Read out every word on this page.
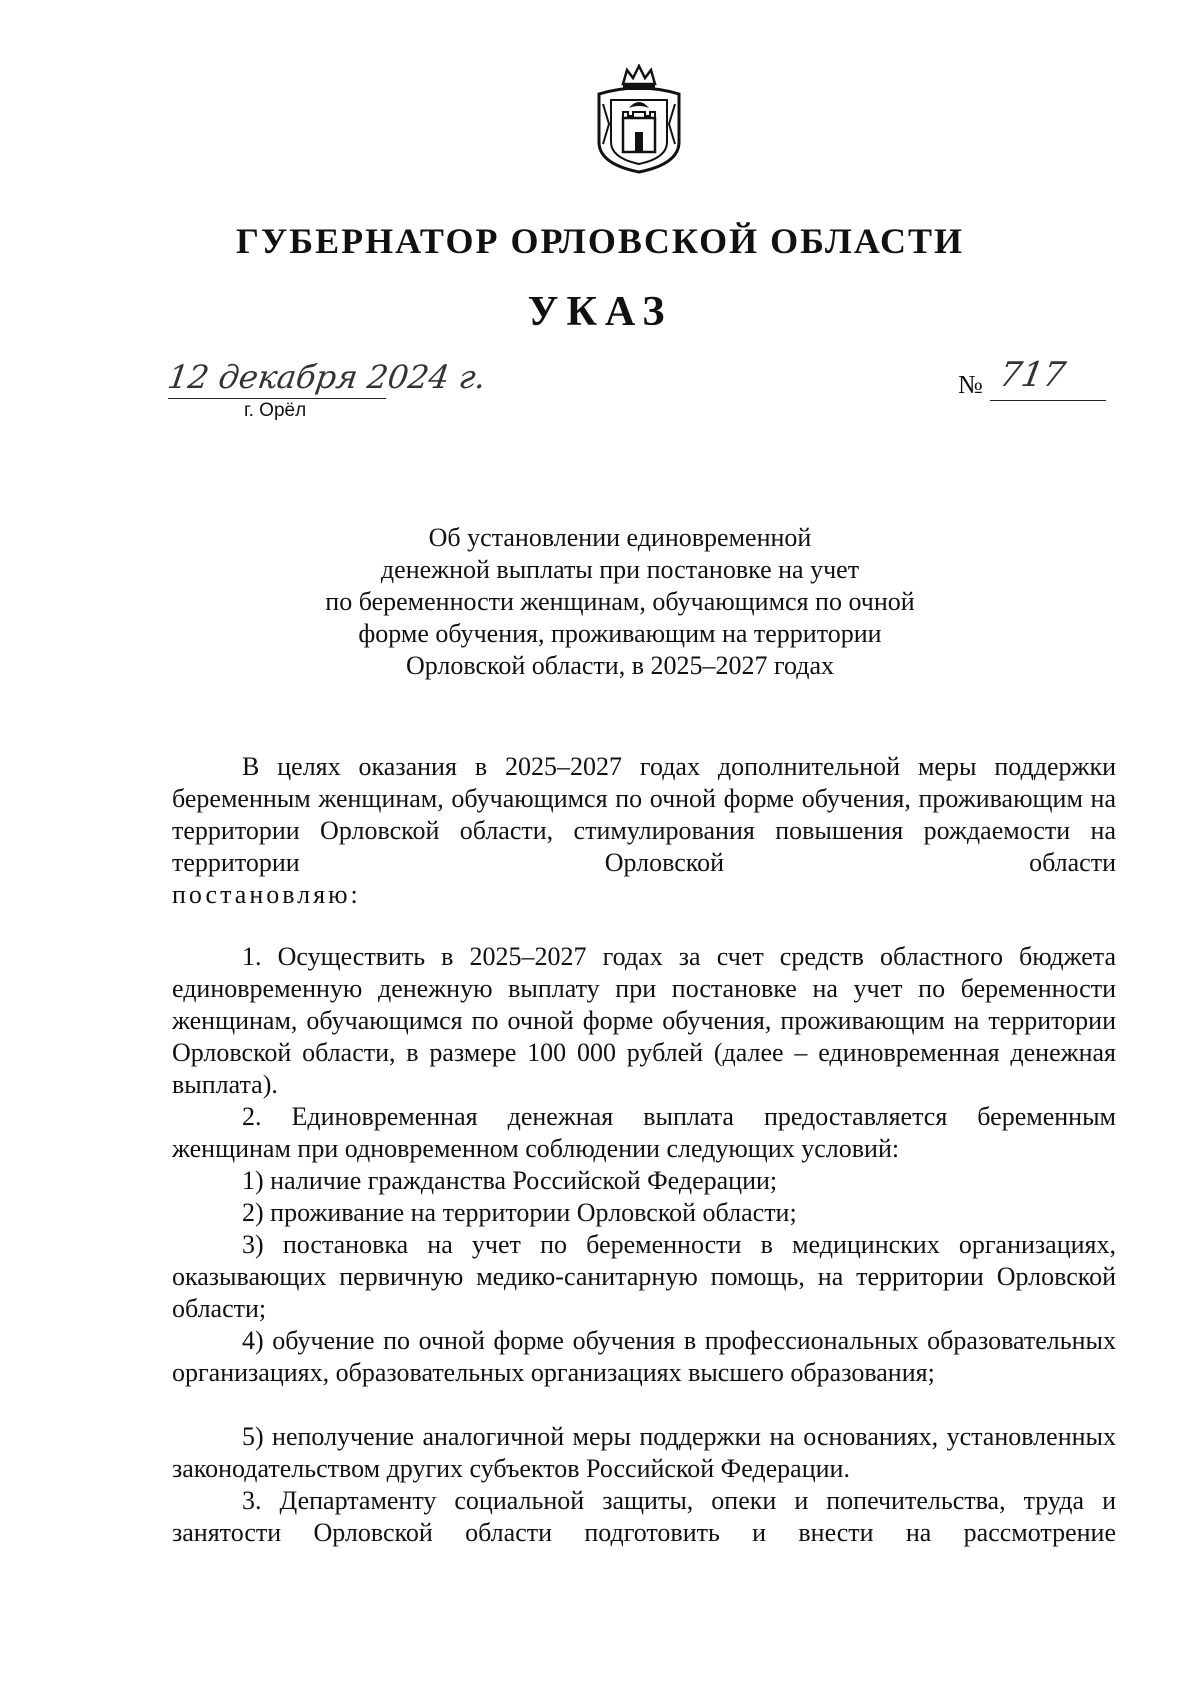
ГУБЕРНАТОР ОРЛОВСКОЙ ОБЛАСТИ
УКАЗ
12 декабря 2024 г.
г. Орёл
№ 717
Об установлении единовременной
денежной выплаты при постановке на учет
по беременности женщинам, обучающимся по очной
форме обучения, проживающим на территории
Орловской области, в 2025–2027 годах
В целях оказания в 2025–2027 годах дополнительной меры поддержки беременным женщинам, обучающимся по очной форме обучения, проживающим на территории Орловской области, стимулирования повышения рождаемости на территории Орловской области
постановляю:
1. Осуществить в 2025–2027 годах за счет средств областного бюджета единовременную денежную выплату при постановке на учет по беременности женщинам, обучающимся по очной форме обучения, проживающим на территории Орловской области, в размере 100 000 рублей (далее – единовременная денежная выплата).
2. Единовременная денежная выплата предоставляется беременным женщинам при одновременном соблюдении следующих условий:
1) наличие гражданства Российской Федерации;
2) проживание на территории Орловской области;
3) постановка на учет по беременности в медицинских организациях, оказывающих первичную медико-санитарную помощь, на территории Орловской области;
4) обучение по очной форме обучения в профессиональных образовательных организациях, образовательных организациях высшего образования;
5) неполучение аналогичной меры поддержки на основаниях, установленных законодательством других субъектов Российской Федерации.
3. Департаменту социальной защиты, опеки и попечительства, труда и занятости Орловской области подготовить и внести на рассмотрение
